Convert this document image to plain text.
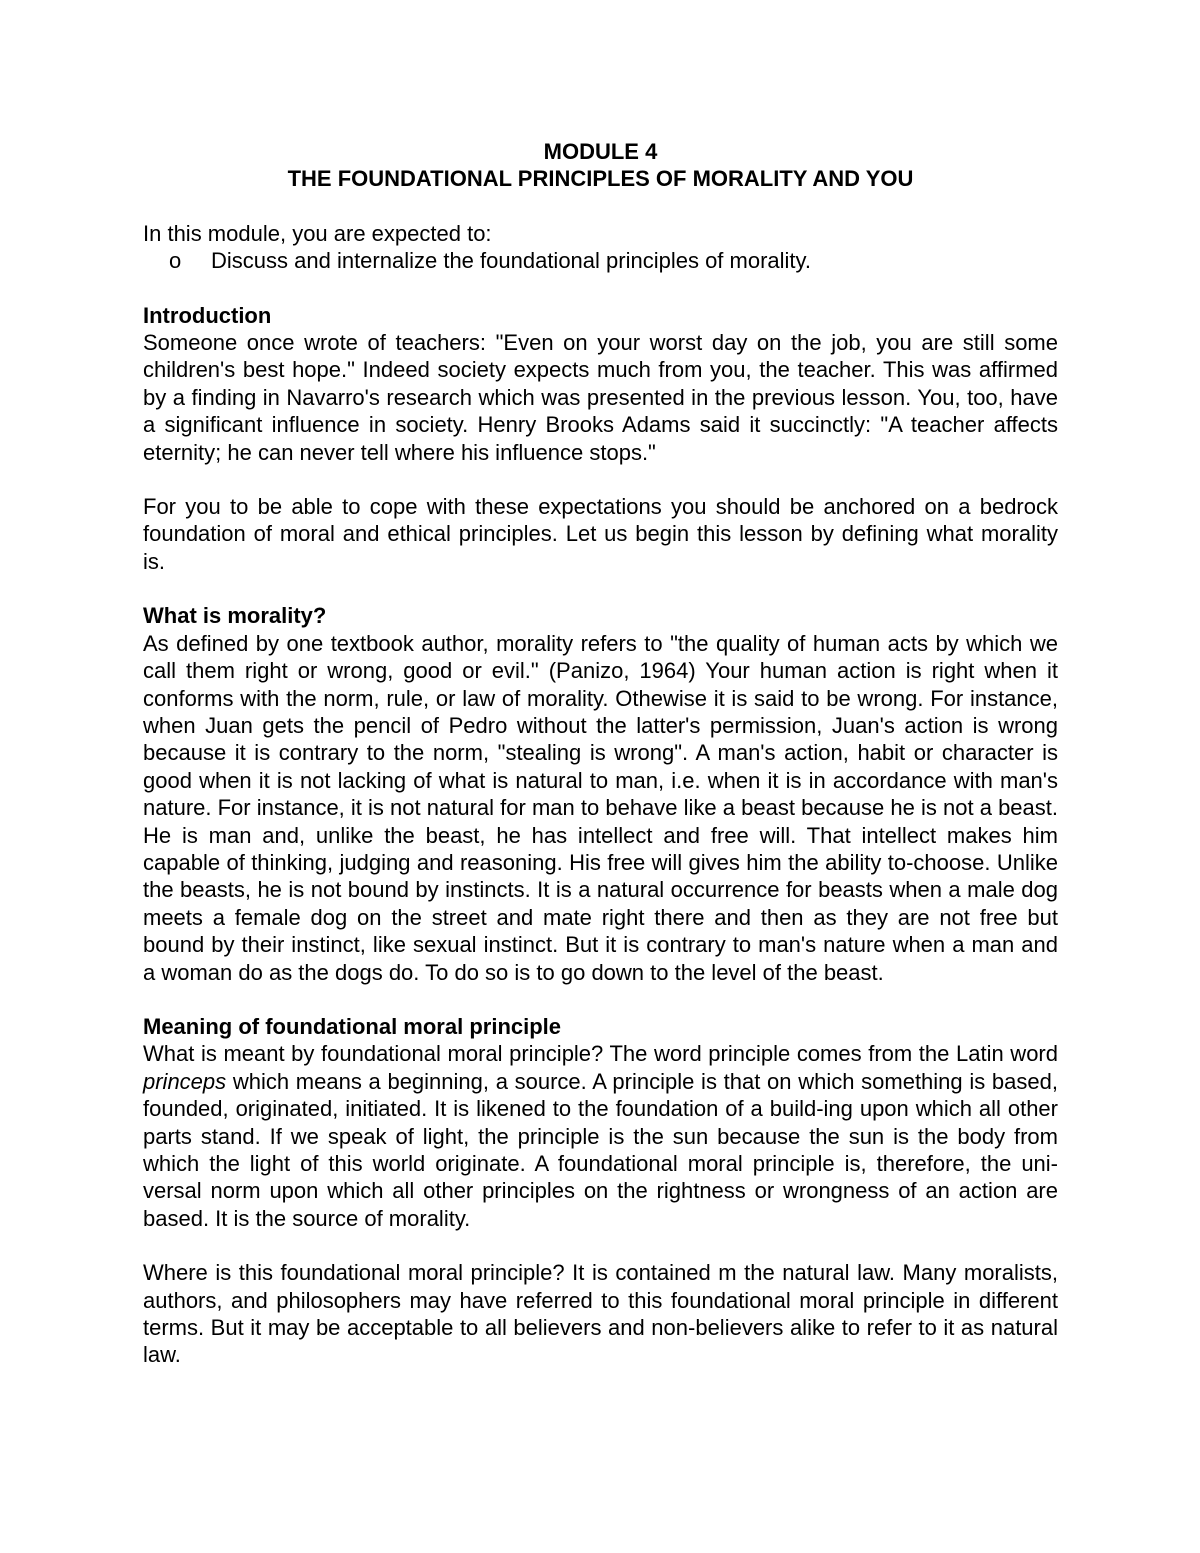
MODULE 4
THE FOUNDATIONAL PRINCIPLES OF MORALITY AND YOU

In this module, you are expected to:

o Discuss and internalize the foundational principles of morality.

Introduction

Someone once wrote of teachers: "Even on your worst day on the job, you are still some children's best hope." Indeed society expects much from you, the teacher. This was affirmed by a finding in Navarro's research which was presented in the previous lesson. You, too, have a significant influence in society. Henry Brooks Adams said it succinctly: "A teacher affects eternity; he can never tell where his influence stops."

For you to be able to cope with these expectations you should be anchored on a bedrock foundation of moral and ethical principles. Let us begin this lesson by defining what morality is.

What is morality?

As defined by one textbook author, morality refers to "the quality of human acts by which we call them right or wrong, good or evil." (Panizo, 1964) Your human action is right when it conforms with the norm, rule, or law of morality. Othewise it is said to be wrong. For instance, when Juan gets the pencil of Pedro without the latter's permission, Juan's action is wrong because it is contrary to the norm, "stealing is wrong". A man's action, habit or character is good when it is not lacking of what is natural to man, i.e. when it is in accordance with man's nature. For instance, it is not natural for man to behave like a beast because he is not a beast. He is man and, unlike the beast, he has intellect and free will. That intellect makes him capable of thinking, judging and reasoning. His free will gives him the ability to-choose. Unlike the beasts, he is not bound by instincts. It is a natural occurrence for beasts when a male dog meets a female dog on the street and mate right there and then as they are not free but bound by their instinct, like sexual instinct. But it is contrary to man's nature when a man and a woman do as the dogs do. To do so is to go down to the level of the beast.

Meaning of foundational moral principle

What is meant by foundational moral principle? The word principle comes from the Latin word princeps which means a beginning, a source. A principle is that on which something is based, founded, originated, initiated. It is likened to the foundation of a build-ing upon which all other parts stand. If we speak of light, the principle is the sun because the sun is the body from which the light of this world originate. A foundational moral principle is, therefore, the uni-versal norm upon which all other principles on the rightness or wrongness of an action are based. It is the source of morality.

Where is this foundational moral principle? It is contained m the natural law. Many moralists, authors, and philosophers may have referred to this foundational moral principle in different terms. But it may be acceptable to all believers and non-believers alike to refer to it as natural law.
